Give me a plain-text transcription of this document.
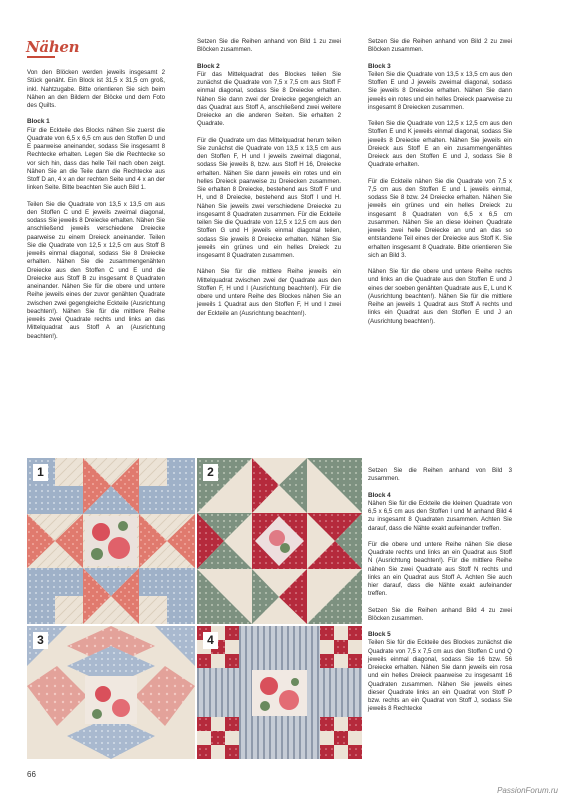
Nähen

Von den Blöcken werden jeweils insgesamt 2 Stück genäht. Ein Block ist 31,5 x 31,5 cm groß, inkl. Nahtzugabe. Bitte orientieren Sie sich beim Nähen an den Bildern der Blöcke und dem Foto des Quilts.

Block 1

Für die Eckteile des Blocks nähen Sie zuerst die Quadrate von 6,5 x 6,5 cm aus den Stoffen D und E paarweise aneinander, sodass Sie insgesamt 8 Rechtecke erhalten. Legen Sie die Rechtecke so vor sich hin, dass das helle Teil nach oben zeigt. Nähen Sie an die Teile dann die Rechtecke aus Stoff D an, 4 x an der rechten Seite und 4 x an der linken Seite. Bitte beachten Sie auch Bild 1.

Teilen Sie die Quadrate von 13,5 x 13,5 cm aus den Stoffen C und E jeweils zweimal diagonal, sodass Sie jeweils 8 Dreiecke erhalten. Nähen Sie anschließend jeweils verschiedene Dreiecke paarweise zu einem Dreieck aneinander. Teilen Sie die Quadrate von 12,5 x 12,5 cm aus Stoff B jeweils einmal diagonal, sodass Sie 8 Dreiecke erhalten. Nähen Sie die zusammengenähten Dreiecke aus den Stoffen C und E und die Dreiecke aus Stoff B zu insgesamt 8 Quadraten aneinander. Nähen Sie für die obere und untere Reihe jeweils eines der zuvor genähten Quadrate zwischen zwei gegengleiche Eckteile (Ausrichtung beachten!). Nähen Sie für die mittlere Reihe jeweils zwei Quadrate rechts und links an das Mittelquadrat aus Stoff A an (Ausrichtung beachten!).

Setzen Sie die Reihen anhand von Bild 1 zu zwei Blöcken zusammen.

Block 2

Für das Mittelquadrat des Blockes teilen Sie zunächst die Quadrate von 7,5 x 7,5 cm aus Stoff F einmal diagonal, sodass Sie 8 Dreiecke erhalten. Nähen Sie dann zwei der Dreiecke gegengleich an das Quadrat aus Stoff A, anschließend zwei weitere Dreiecke an die anderen Seiten. Sie erhalten 2 Quadrate.

Für die Quadrate um das Mittelquadrat herum teilen Sie zunächst die Quadrate von 13,5 x 13,5 cm aus den Stoffen F, H und I jeweils zweimal diagonal, sodass Sie jeweils 8, bzw. aus Stoff H 16, Dreiecke erhalten. Nähen Sie dann jeweils ein rotes und ein helles Dreieck paarweise zu Dreiecken zusammen. Sie erhalten 8 Dreiecke, bestehend aus Stoff F und H, und 8 Dreiecke, bestehend aus Stoff I und H. Nähen Sie jeweils zwei verschiedene Dreiecke zu insgesamt 8 Quadraten zusammen. Für die Eckteile teilen Sie die Quadrate von 12,5 x 12,5 cm aus den Stoffen G und H jeweils einmal diagonal teilen, sodass Sie jeweils 8 Dreiecke erhalten. Nähen Sie jeweils ein grünes und ein helles Dreieck zu insgesamt 8 Quadraten zusammen.

Nähen Sie für die mittlere Reihe jeweils ein Mittelquadrat zwischen zwei der Quadrate aus den Stoffen F, H und I (Ausrichtung beachten!). Für die obere und untere Reihe des Blockes nähen Sie an jeweils 1 Quadrat aus den Stoffen F, H und I zwei der Eckteile an (Ausrichtung beachten!).

Setzen Sie die Reihen anhand von Bild 2 zu zwei Blöcken zusammen.

Block 3

Teilen Sie die Quadrate von 13,5 x 13,5 cm aus den Stoffen E und J jeweils zweimal diagonal, sodass Sie jeweils 8 Dreiecke erhalten. Nähen Sie dann jeweils ein rotes und ein helles Dreieck paarweise zu insgesamt 8 Dreiecken zusammen.

Teilen Sie die Quadrate von 12,5 x 12,5 cm aus den Stoffen E und K jeweils einmal diagonal, sodass Sie jeweils 8 Dreiecke erhalten. Nähen Sie jeweils ein Dreieck aus Stoff E an ein zusammengenähtes Dreieck aus den Stoffen E und J, sodass Sie 8 Quadrate erhalten.

Für die Eckteile nähen Sie die Quadrate von 7,5 x 7,5 cm aus den Stoffen E und L jeweils einmal, sodass Sie 8 bzw. 24 Dreiecke erhalten. Nähen Sie jeweils ein grünes und ein helles Dreieck zu insgesamt 8 Quadraten von 6,5 x 6,5 cm zusammen. Nähen Sie an diese kleinen Quadrate jeweils zwei helle Dreiecke an und an das so entstandene Teil eines der Dreiecke aus Stoff K. Sie erhalten insgesamt 8 Quadrate. Bitte orientieren Sie sich an Bild 3.

Nähen Sie für die obere und untere Reihe rechts und links an die Quadrate aus den Stoffen E und J eines der soeben genähten Quadrate aus E, L und K (Ausrichtung beachten!). Nähen Sie für die mittlere Reihe an jeweils 1 Quadrat aus Stoff A rechts und links ein Quadrat aus den Stoffen E und J an (Ausrichtung beachten!).

Setzen Sie die Reihen anhand von Bild 3 zusammen.

Block 4

Nähen Sie für die Eckteile die kleinen Quadrate von 6,5 x 6,5 cm aus den Stoffen I und M anhand Bild 4 zu insgesamt 8 Quadraten zusammen. Achten Sie darauf, dass die Nähte exakt aufeinander treffen.

Für die obere und untere Reihe nähen Sie diese Quadrate rechts und links an ein Quadrat aus Stoff N (Ausrichtung beachten!). Für die mittlere Reihe nähen Sie zwei Quadrate aus Stoff N rechts und links an ein Quadrat aus Stoff A. Achten Sie auch hier darauf, dass die Nähte exakt aufeinander treffen.

Setzen Sie die Reihen anhand Bild 4 zu zwei Blöcken zusammen.

Block 5

Teilen Sie für die Eckteile des Blockes zunächst die Quadrate von 7,5 x 7,5 cm aus den Stoffen C und Q jeweils einmal diagonal, sodass Sie 16 bzw. 56 Dreiecke erhalten. Nähen Sie dann jeweils ein rosa und ein helles Dreieck paarweise zu insgesamt 16 Quadraten zusammen. Nähen Sie jeweils eines dieser Quadrate links an ein Quadrat von Stoff P bzw. rechts an ein Quadrat von Stoff J, sodass Sie jeweils 8 Rechtecke

1	2
3	4
66
PassionForum.ru
